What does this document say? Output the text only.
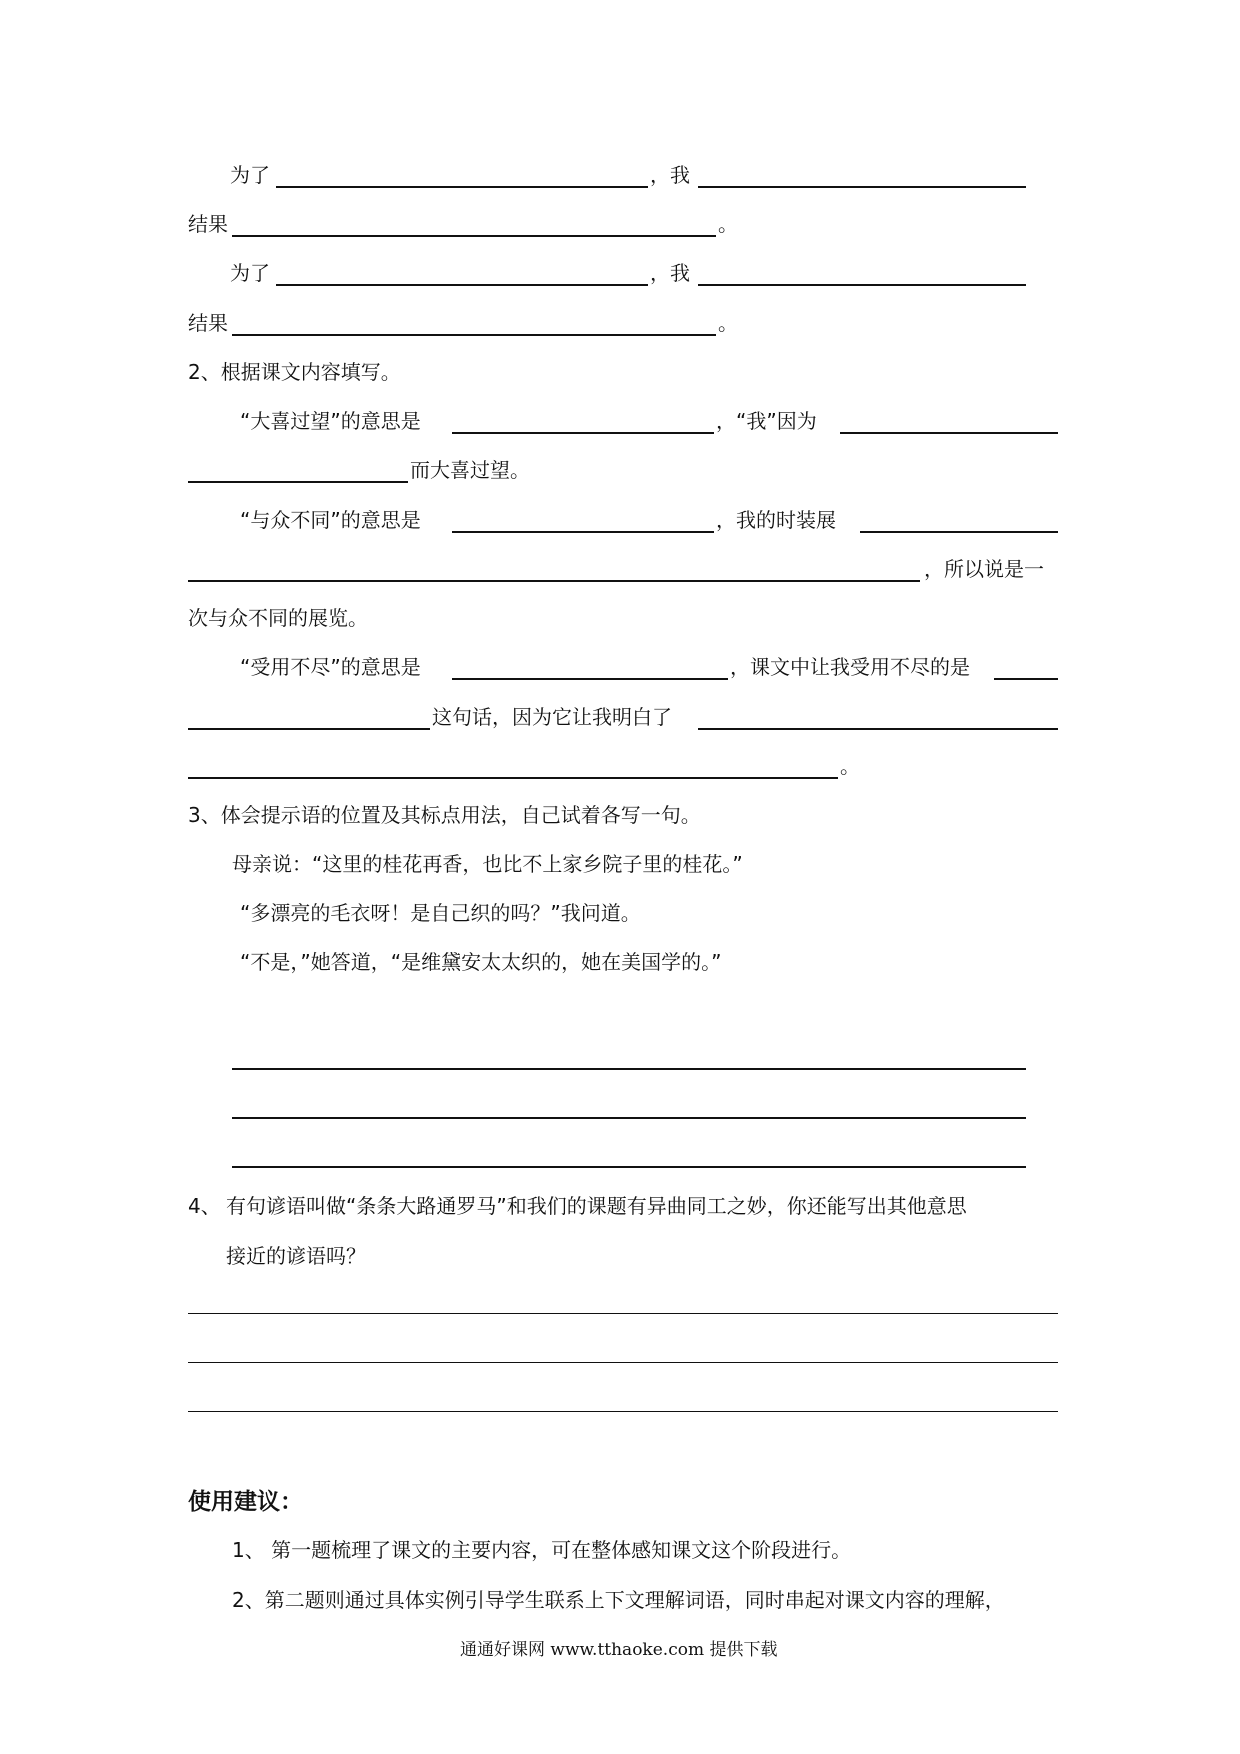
为了	，我
结果	。
为了	，我
结果	。
2、根据课文内容填写。
“大喜过望”的意思是	，“我”因为
而大喜过望。
“与众不同”的意思是	，我的时装展
，所以说是一
次与众不同的展览。
“受用不尽”的意思是	，课文中让我受用不尽的是
这句话，因为它让我明白了
。
3、体会提示语的位置及其标点用法，自己试着各写一句。
母亲说：“这里的桂花再香，也比不上家乡院子里的桂花。”
“多漂亮的毛衣呀！是自己织的吗？”我问道。
“不是，”她答道，“是维黛安太太织的，她在美国学的。”
4、 有句谚语叫做“条条大路通罗马”和我们的课题有异曲同工之妙，你还能写出其他意思
接近的谚语吗？
使用建议：
1、 第一题梳理了课文的主要内容，可在整体感知课文这个阶段进行。
2、第二题则通过具体实例引导学生联系上下文理解词语，同时串起对课文内容的理解，
通通好课网 www.tthaoke.com 提供下载
